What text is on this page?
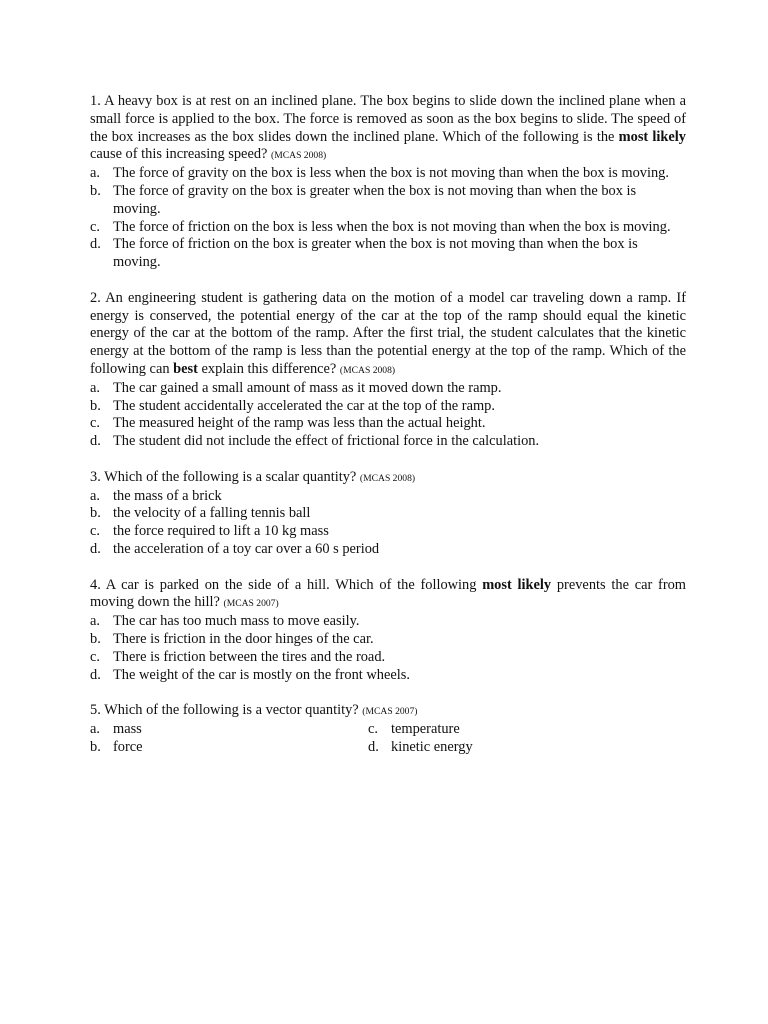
1. A heavy box is at rest on an inclined plane. The box begins to slide down the inclined plane when a small force is applied to the box. The force is removed as soon as the box begins to slide. The speed of the box increases as the box slides down the inclined plane. Which of the following is the most likely cause of this increasing speed? (MCAS 2008)

a. The force of gravity on the box is less when the box is not moving than when the box is moving.
b. The force of gravity on the box is greater when the box is not moving than when the box is moving.
c. The force of friction on the box is less when the box is not moving than when the box is moving.
d. The force of friction on the box is greater when the box is not moving than when the box is moving.

2. An engineering student is gathering data on the motion of a model car traveling down a ramp. If energy is conserved, the potential energy of the car at the top of the ramp should equal the kinetic energy of the car at the bottom of the ramp. After the first trial, the student calculates that the kinetic energy at the bottom of the ramp is less than the potential energy at the top of the ramp. Which of the following can best explain this difference? (MCAS 2008)

a. The car gained a small amount of mass as it moved down the ramp.
b. The student accidentally accelerated the car at the top of the ramp.
c. The measured height of the ramp was less than the actual height.
d. The student did not include the effect of frictional force in the calculation.

3. Which of the following is a scalar quantity? (MCAS 2008)

a. the mass of a brick
b. the velocity of a falling tennis ball
c. the force required to lift a 10 kg mass
d. the acceleration of a toy car over a 60 s period

4. A car is parked on the side of a hill. Which of the following most likely prevents the car from moving down the hill? (MCAS 2007)

a. The car has too much mass to move easily.
b. There is friction in the door hinges of the car.
c. There is friction between the tires and the road.
d. The weight of the car is mostly on the front wheels.

5. Which of the following is a vector quantity? (MCAS 2007)

a. mass
b. force
c. temperature
d. kinetic energy
